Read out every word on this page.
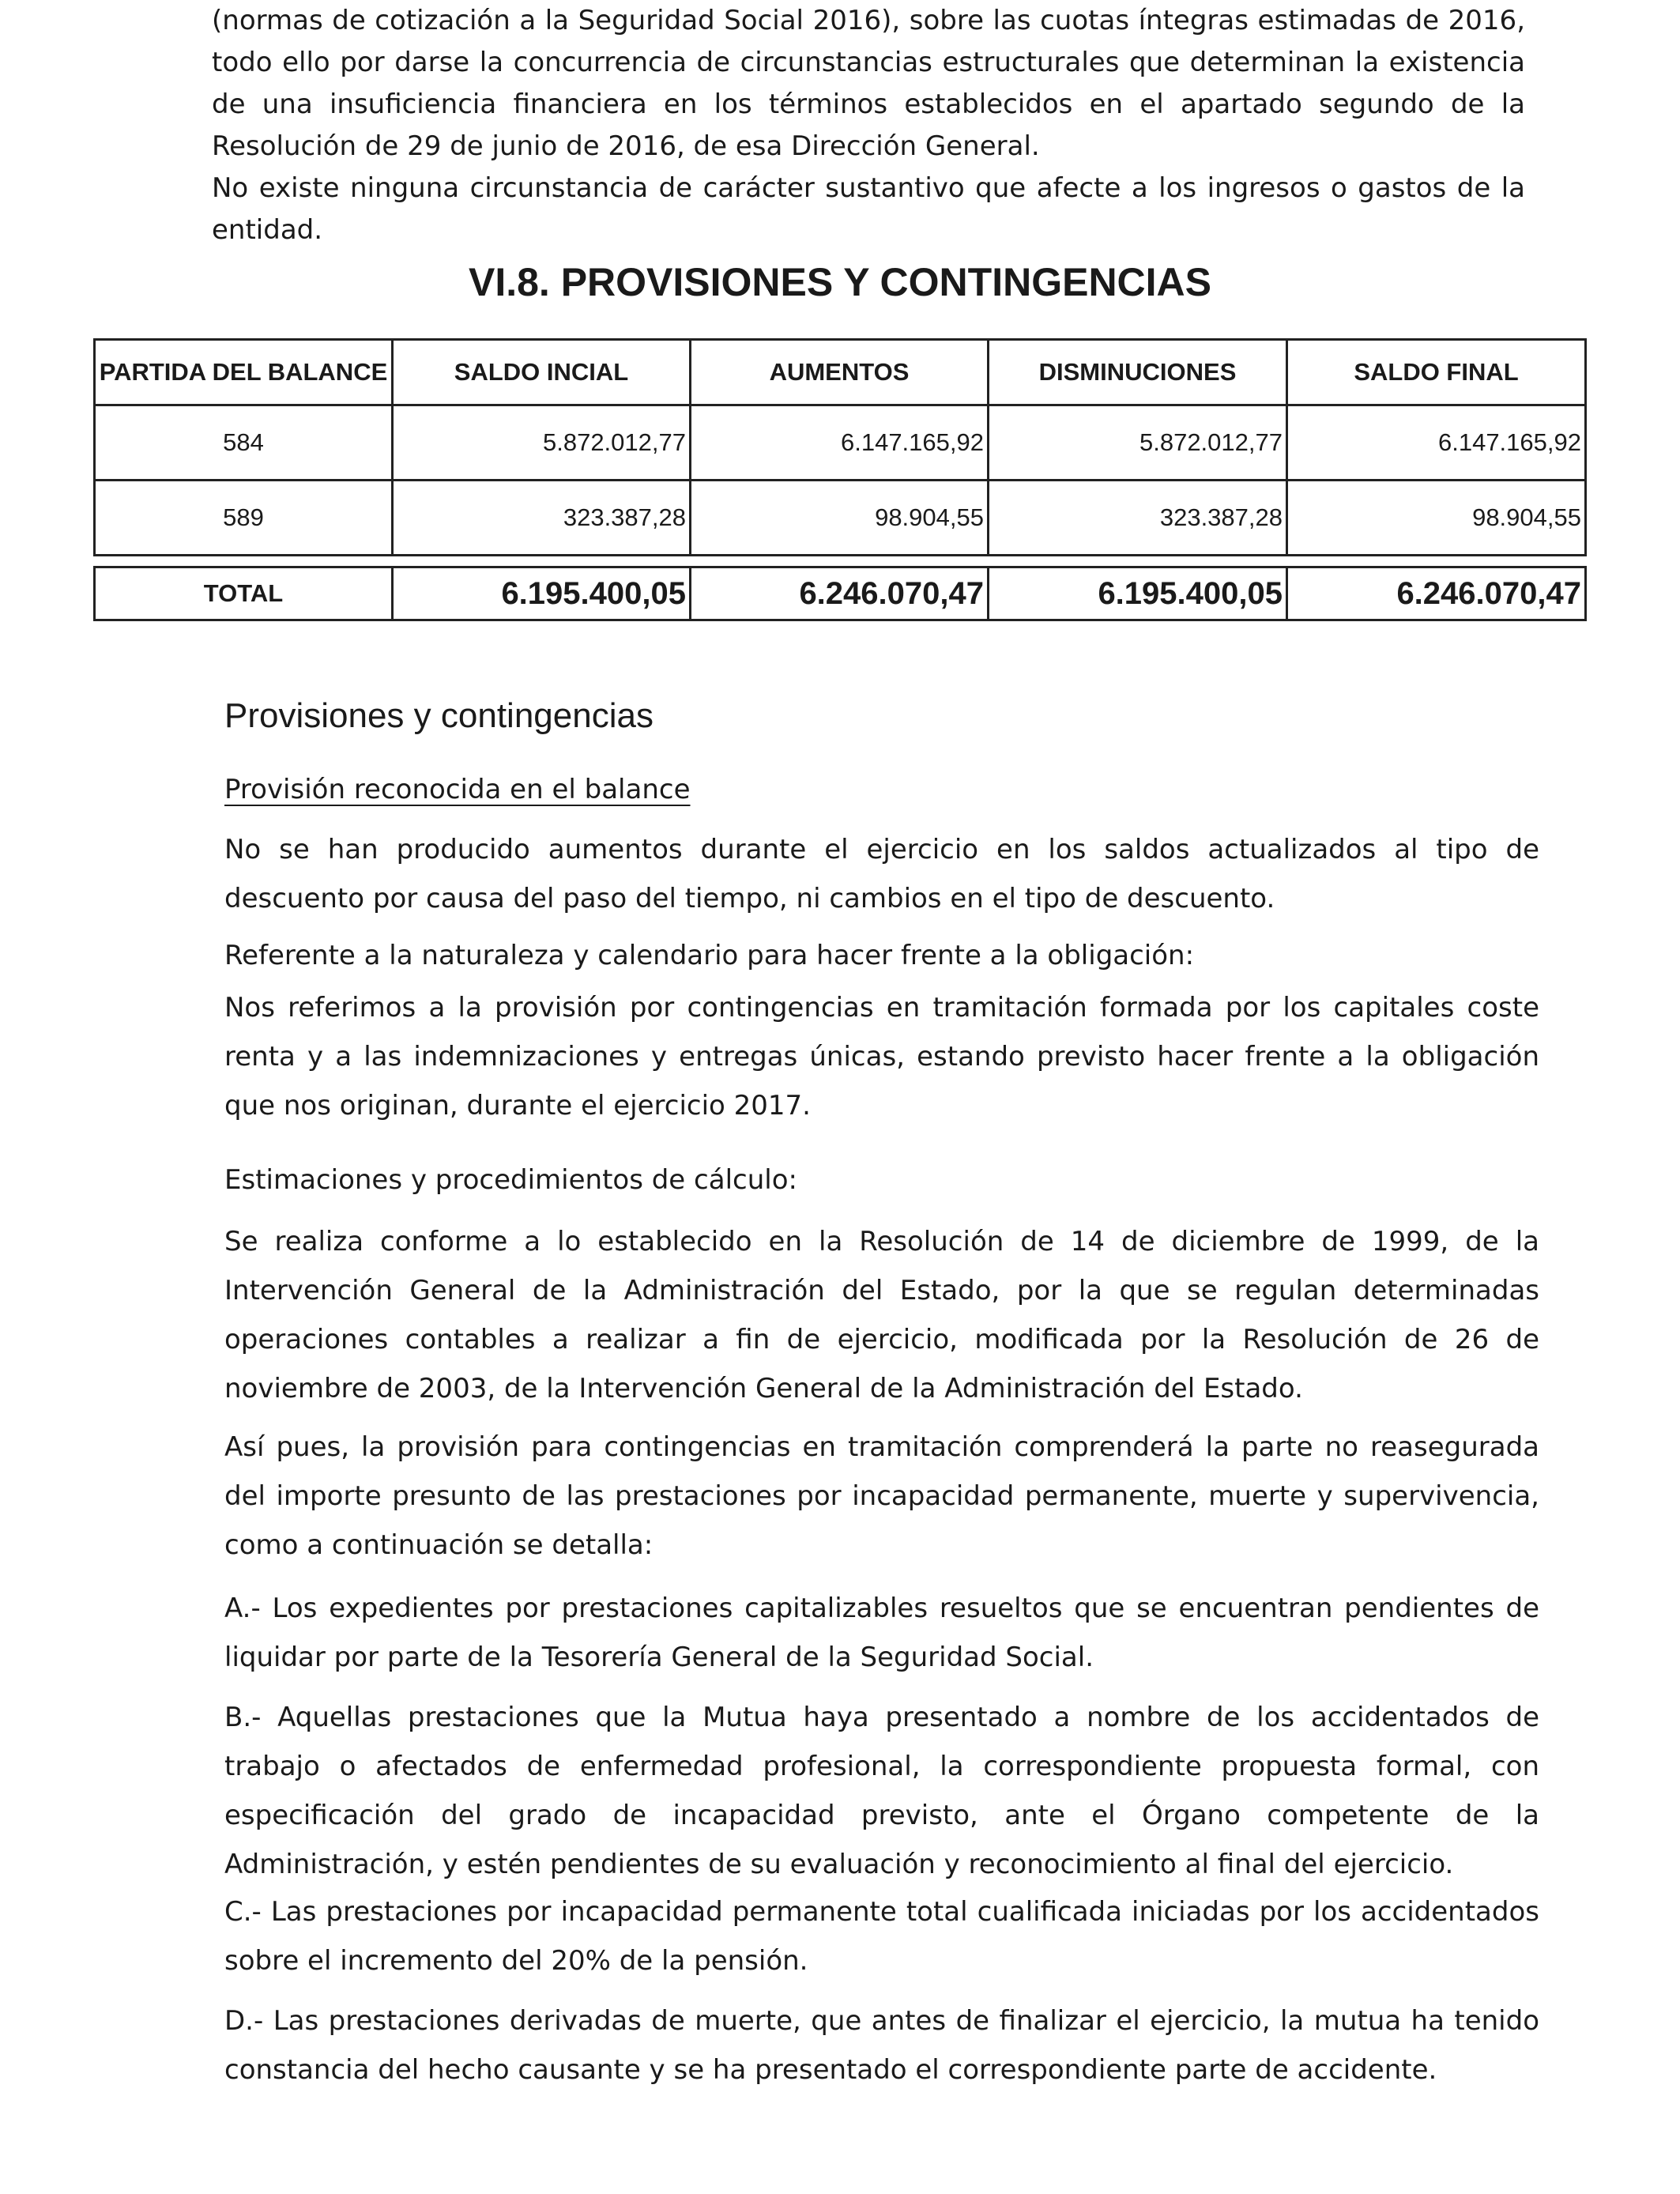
(normas de cotización a la Seguridad Social 2016), sobre las cuotas íntegras estimadas de 2016, todo ello por darse la concurrencia de circunstancias estructurales que determinan la existencia de una insuficiencia financiera en los términos establecidos en el apartado segundo de la Resolución de 29 de junio de 2016, de esa Dirección General.

No existe ninguna circunstancia de carácter sustantivo que afecte a los ingresos o gastos de la entidad.

VI.8. PROVISIONES Y CONTINGENCIAS
PARTIDA DEL BALANCE	SALDO INCIAL	AUMENTOS	DISMINUCIONES	SALDO FINAL
584	5.872.012,77	6.147.165,92	5.872.012,77	6.147.165,92
589	323.387,28	98.904,55	323.387,28	98.904,55
TOTAL	6.195.400,05	6.246.070,47	6.195.400,05	6.246.070,47
Provisiones y contingencias

Provisión reconocida en el balance

No se han producido aumentos durante el ejercicio en los saldos actualizados al tipo de descuento por causa del paso del tiempo, ni cambios en el tipo de descuento.
Referente a la naturaleza y calendario para hacer frente a la obligación:
Nos referimos a la provisión por contingencias en tramitación formada por los capitales coste renta y a las indemnizaciones y entregas únicas, estando previsto hacer frente a la obligación que nos originan, durante el ejercicio 2017.
Estimaciones y procedimientos de cálculo:
Se realiza conforme a lo establecido en la Resolución de 14 de diciembre de 1999, de la Intervención General de la Administración del Estado, por la que se regulan determinadas operaciones contables a realizar a fin de ejercicio, modificada por la Resolución de 26 de noviembre de 2003, de la Intervención General de la Administración del Estado.
Así pues, la provisión para contingencias en tramitación comprenderá la parte no reasegurada del importe presunto de las prestaciones por incapacidad permanente, muerte y supervivencia, como a continuación se detalla:
A.- Los expedientes por prestaciones capitalizables resueltos que se encuentran pendientes de liquidar por parte de la Tesorería General de la Seguridad Social.
B.- Aquellas prestaciones que la Mutua haya presentado a nombre de los accidentados de trabajo o afectados de enfermedad profesional, la correspondiente propuesta formal, con especificación del grado de incapacidad previsto, ante el Órgano competente de la Administración, y estén pendientes de su evaluación y reconocimiento al final del ejercicio.
C.- Las prestaciones por incapacidad permanente total cualificada iniciadas por los accidentados sobre el incremento del 20% de la pensión.
D.- Las prestaciones derivadas de muerte, que antes de finalizar el ejercicio, la mutua ha tenido constancia del hecho causante y se ha presentado el correspondiente parte de accidente.
